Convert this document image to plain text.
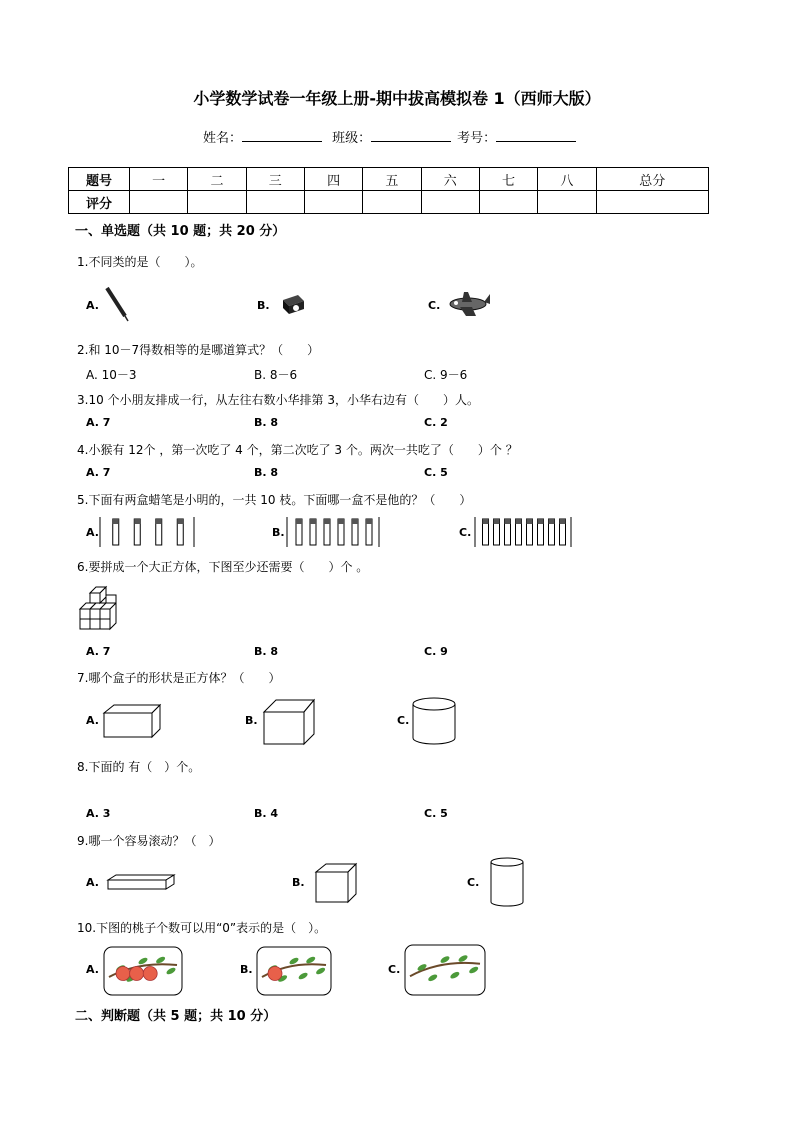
小学数学试卷一年级上册-期中拔高模拟卷 1（西师大版）
姓名：	班级：	考号：
题号	一	二	三	四	五	六	七	八	总分
评分									
一、单选题（共 10 题；共 20 分）
1.不同类的是（　　）。
A.	B.	C.
2.和 10－7得数相等的是哪道算式？（　　）
A. 10－3	B. 8－6	C. 9－6
3.10 个小朋友排成一行，从左往右数小华排第 3，小华右边有（　　）人。
A. 7	B. 8	C. 2
4.小猴有 12个 ，第一次吃了 4 个，第二次吃了 3 个。两次一共吃了（　　）个 ？
A. 7	B. 8	C. 5
5.下面有两盒蜡笔是小明的，一共 10 枝。下面哪一盒不是他的？（　　）
A.	B.	C.
6.要拼成一个大正方体，下图至少还需要（　　）个 。
A. 7	B. 8	C. 9
7.哪个盒子的形状是正方体？（　　）
A.	B.	C.
8.下面的 有（　）个。
A. 3	B. 4	C. 5
9.哪一个容易滚动？（　）
A.	B.	C.
10.下图的桃子个数可以用“0”表示的是（　）。
A.	B.	C.
二、判断题（共 5 题；共 10 分）
